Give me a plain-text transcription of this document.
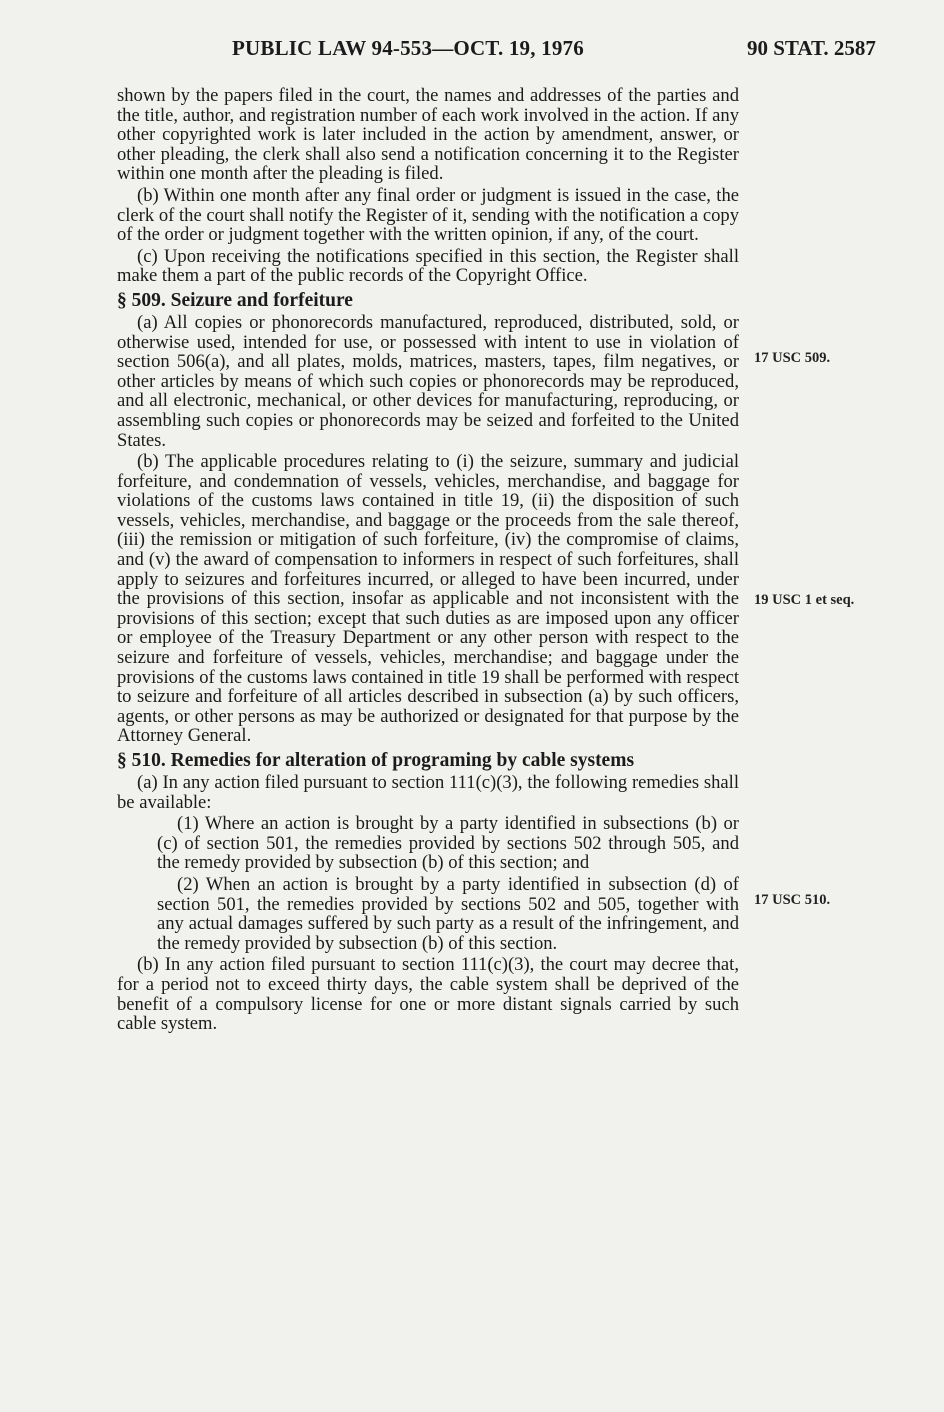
PUBLIC LAW 94-553—OCT. 19, 1976	90 STAT. 2587

shown by the papers filed in the court, the names and addresses of the parties and the title, author, and registration number of each work involved in the action. If any other copyrighted work is later included in the action by amendment, answer, or other pleading, the clerk shall also send a notification concerning it to the Register within one month after the pleading is filed.

(b) Within one month after any final order or judgment is issued in the case, the clerk of the court shall notify the Register of it, sending with the notification a copy of the order or judgment together with the written opinion, if any, of the court.

(c) Upon receiving the notifications specified in this section, the Register shall make them a part of the public records of the Copyright Office.

§ 509. Seizure and forfeiture

(a) All copies or phonorecords manufactured, reproduced, distributed, sold, or otherwise used, intended for use, or possessed with intent to use in violation of section 506(a), and all plates, molds, matrices, masters, tapes, film negatives, or other articles by means of which such copies or phonorecords may be reproduced, and all electronic, mechanical, or other devices for manufacturing, reproducing, or assembling such copies or phonorecords may be seized and forfeited to the United States.

(b) The applicable procedures relating to (i) the seizure, summary and judicial forfeiture, and condemnation of vessels, vehicles, merchandise, and baggage for violations of the customs laws contained in title 19, (ii) the disposition of such vessels, vehicles, merchandise, and baggage or the proceeds from the sale thereof, (iii) the remission or mitigation of such forfeiture, (iv) the compromise of claims, and (v) the award of compensation to informers in respect of such forfeitures, shall apply to seizures and forfeitures incurred, or alleged to have been incurred, under the provisions of this section, insofar as applicable and not inconsistent with the provisions of this section; except that such duties as are imposed upon any officer or employee of the Treasury Department or any other person with respect to the seizure and forfeiture of vessels, vehicles, merchandise; and baggage under the provisions of the customs laws contained in title 19 shall be performed with respect to seizure and forfeiture of all articles described in subsection (a) by such officers, agents, or other persons as may be authorized or designated for that purpose by the Attorney General.

§ 510. Remedies for alteration of programing by cable systems

(a) In any action filed pursuant to section 111(c)(3), the following remedies shall be available:

(1) Where an action is brought by a party identified in subsections (b) or (c) of section 501, the remedies provided by sections 502 through 505, and the remedy provided by subsection (b) of this section; and

(2) When an action is brought by a party identified in subsection (d) of section 501, the remedies provided by sections 502 and 505, together with any actual damages suffered by such party as a result of the infringement, and the remedy provided by subsection (b) of this section.

(b) In any action filed pursuant to section 111(c)(3), the court may decree that, for a period not to exceed thirty days, the cable system shall be deprived of the benefit of a compulsory license for one or more distant signals carried by such cable system.

17 USC 509.
19 USC 1 et seq.
17 USC 510.
